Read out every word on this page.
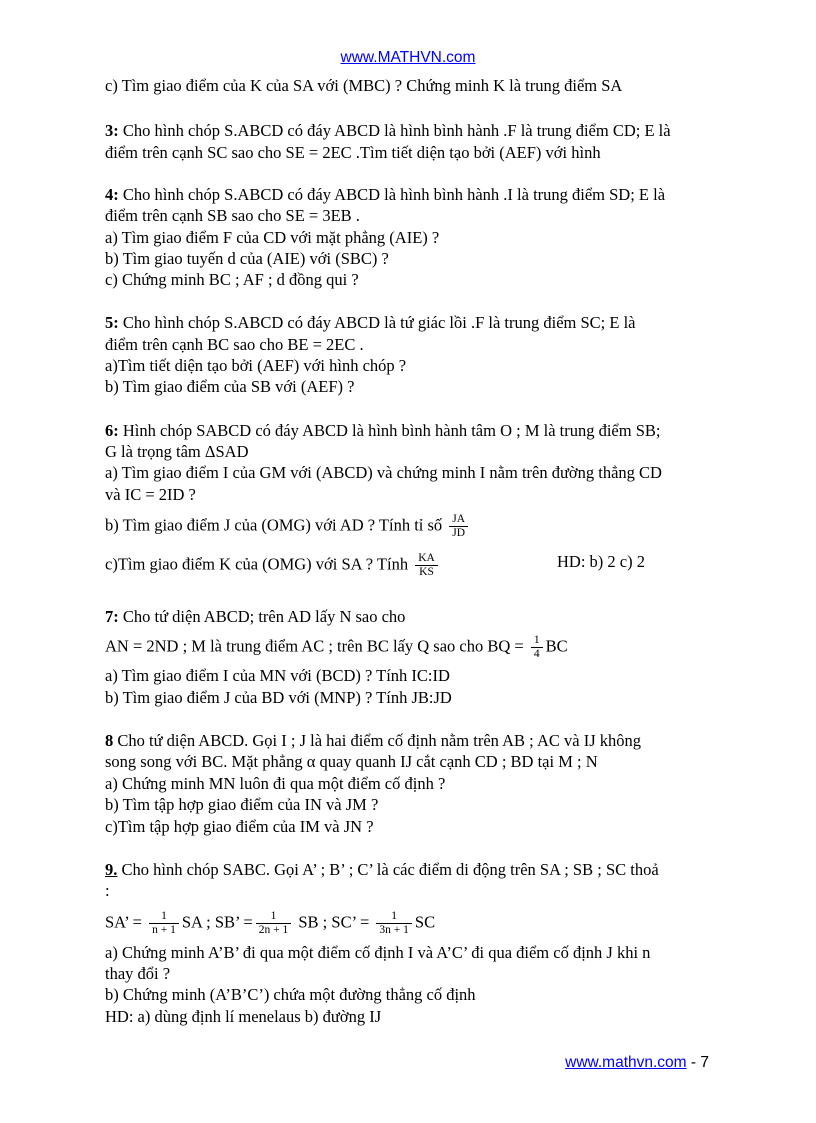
www.MATHVN.com
c) Tìm giao điểm của K của SA với (MBC) ? Chứng minh K là trung điểm SA
3: Cho hình chóp S.ABCD có đáy ABCD là hình bình hành .F là trung điểm CD; E là
điểm trên cạnh SC sao cho SE = 2EC .Tìm tiết diện tạo bởi (AEF) với hình
4: Cho hình chóp S.ABCD có đáy ABCD là hình bình hành .I là trung điểm SD; E là
điểm trên cạnh SB sao cho SE = 3EB .
a) Tìm giao điểm F của CD với mặt phẳng (AIE) ?
b) Tìm giao tuyến d của (AIE) với (SBC) ?
c) Chứng minh BC ; AF ; d đồng qui ?
5: Cho hình chóp S.ABCD có đáy ABCD là tứ giác lồi .F là trung điểm SC; E là
điểm trên cạnh BC sao cho BE = 2EC .
a)Tìm tiết diện tạo bởi (AEF) với hình chóp ?
b) Tìm giao điểm của SB với (AEF) ?
6: Hình chóp SABCD có đáy ABCD là hình bình hành tâm O ; M là trung điểm SB;
G là trọng tâm ΔSAD
a) Tìm giao điểm I của GM với (ABCD) và chứng minh I nằm trên đường thẳng CD
và IC = 2ID ?
b) Tìm giao điểm J của (OMG) với AD ? Tính tỉ số $\frac{JA}{JD}$
c)Tìm giao điểm K của (OMG) với SA ? Tính $\frac{KA}{KS}$	HD: b) 2 c) 2
7: Cho tứ diện ABCD; trên AD lấy N sao cho
AN = 2ND ; M là trung điểm AC ; trên BC lấy Q sao cho BQ = $\frac{1}{4}$ BC
a) Tìm giao điểm I của MN với (BCD) ? Tính IC:ID
b) Tìm giao điểm J của BD với (MNP) ? Tính JB:JD
8 Cho tứ diện ABCD. Gọi I ; J là hai điểm cố định nằm trên AB ; AC và IJ không
song song với BC. Mặt phẳng α quay quanh IJ cắt cạnh CD ; BD tại M ; N
a) Chứng minh MN luôn đi qua một điểm cố định ?
b) Tìm tập hợp giao điểm của IN và JM ?
c)Tìm tập hợp giao điểm của IM và JN ?
9. Cho hình chóp SABC. Gọi A’ ; B’ ; C’ là các điểm di động trên SA ; SB ; SC thoả
:
SA’ = $\frac{1}{n + 1}$ SA ; SB’ = $\frac{1}{2n + 1}$ SB ; SC’ = $\frac{1}{3n + 1}$ SC
a) Chứng minh A’B’ đi qua một điểm cố định I và A’C’ đi qua điểm cố định J khi n
thay đổi ?
b) Chứng minh (A’B’C’) chứa một đường thẳng cố định
HD: a) dùng định lí menelaus b) đường IJ
www.mathvn.com - 7
